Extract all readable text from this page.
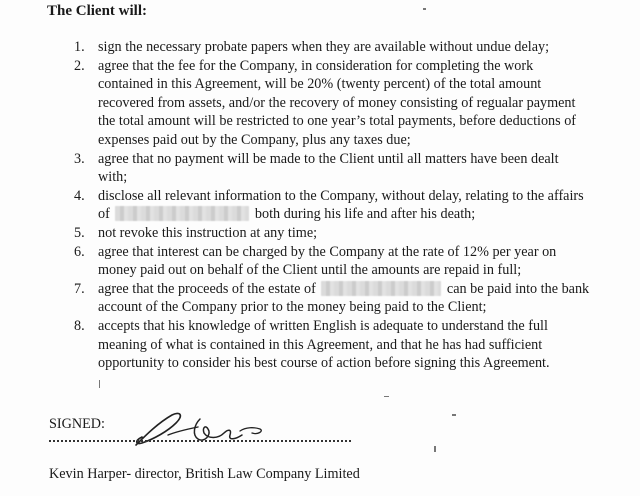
The Client will:
1. sign the necessary probate papers when they are available without undue delay;
2. agree that the fee for the Company, in consideration for completing the work contained in this Agreement, will be 20% (twenty percent) of the total amount recovered from assets, and/or the recovery of money consisting of regualar payment the total amount will be restricted to one year’s total payments, before deductions of expenses paid out by the Company, plus any taxes due;
3. agree that no payment will be made to the Client until all matters have been dealt with;
4. disclose all relevant information to the Company, without delay, relating to the affairs of	both during his life and after his death;
5. not revoke this instruction at any time;
6. agree that interest can be charged by the Company at the rate of 12% per year on money paid out on behalf of the Client until the amounts are repaid in full;
7. agree that the proceeds of the estate of	can be paid into the bank account of the Company prior to the money being paid to the Client;
8. accepts that his knowledge of written English is adequate to understand the full meaning of what is contained in this Agreement, and that he has had sufficient opportunity to consider his best course of action before signing this Agreement.
SIGNED:
Kevin Harper- director, British Law Company Limited
